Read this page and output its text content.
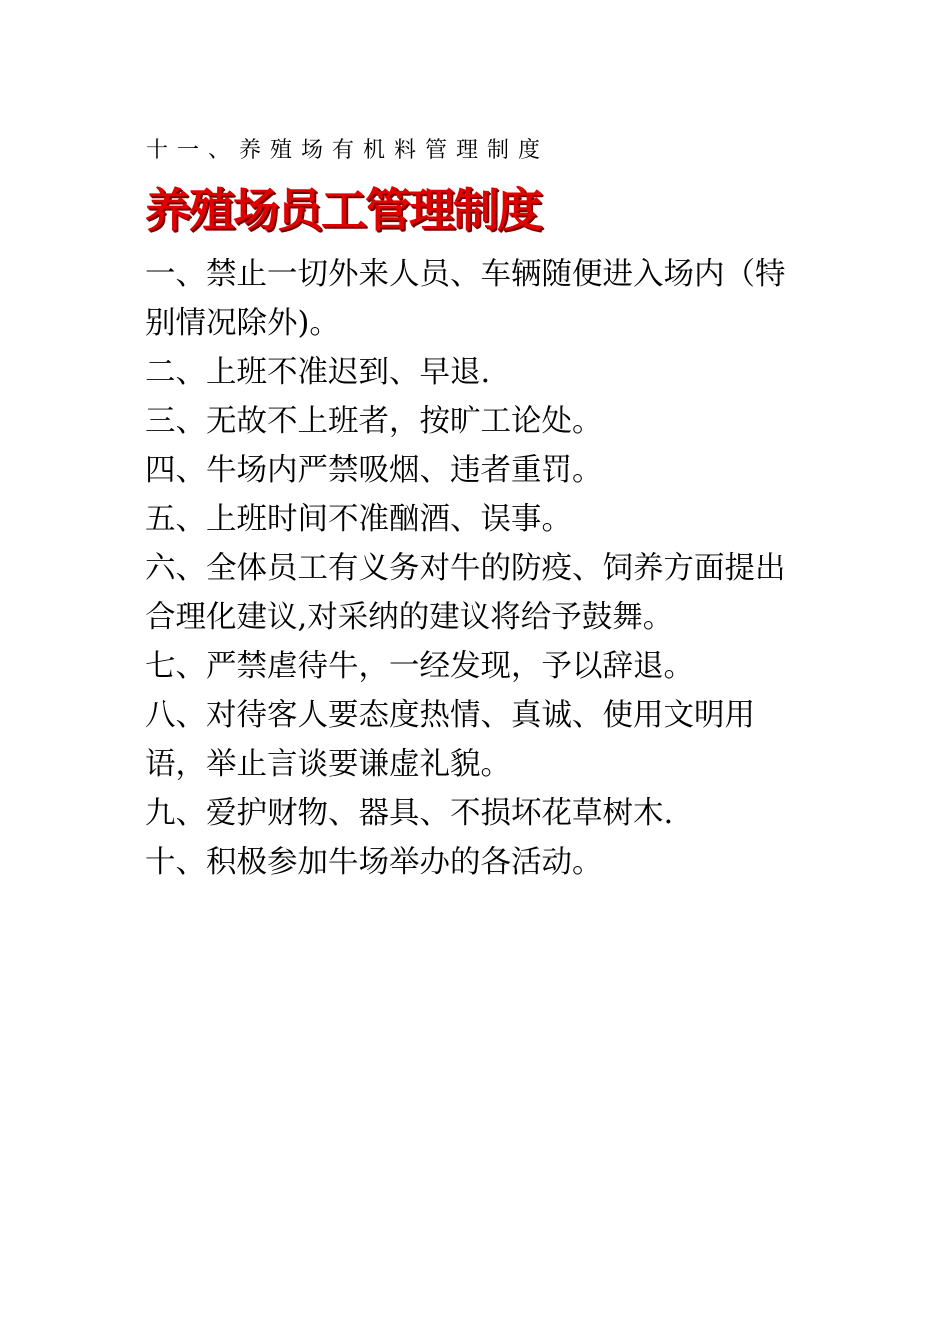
十一、养殖场有机料管理制度
养殖场员工管理制度
一、禁止一切外来人员、车辆随便进入场内（特别情况除外)。
二、上班不准迟到、早退.
三、无故不上班者，按旷工论处。
四、牛场内严禁吸烟、违者重罚。
五、上班时间不准酗酒、误事。
六、全体员工有义务对牛的防疫、饲养方面提出合理化建议,对采纳的建议将给予鼓舞。
七、严禁虐待牛，一经发现，予以辞退。
八、对待客人要态度热情、真诚、使用文明用语，举止言谈要谦虚礼貌。
九、爱护财物、器具、不损坏花草树木.
十、积极参加牛场举办的各活动。
